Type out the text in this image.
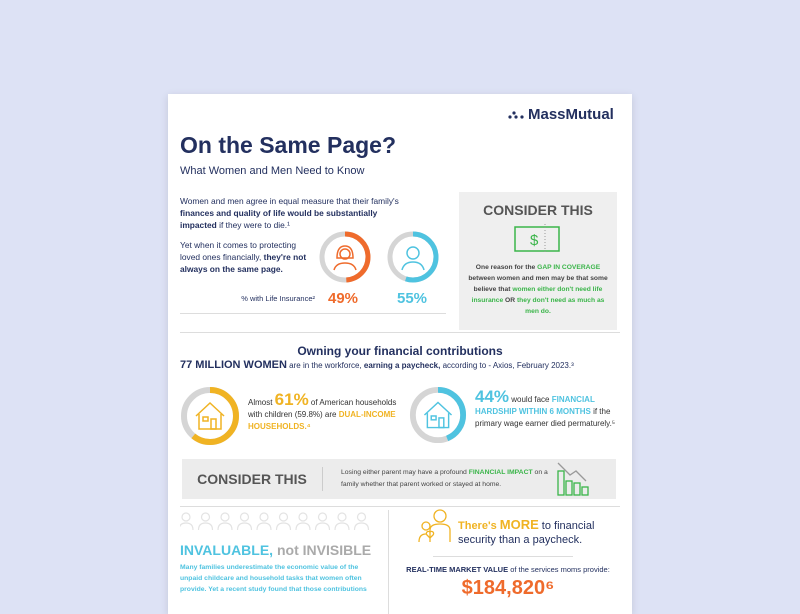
MassMutual
On the Same Page?
What Women and Men Need to Know
Women and men agree in equal measure that their family's finances and quality of life would be substantially impacted if they were to die.¹
Yet when it comes to protecting loved ones financially, they're not always on the same page.
% with Life Insurance² 49%	55%
CONSIDER THIS
$

One reason for the GAP IN COVERAGE between women and men may be that some believe that women either don't need life insurance OR they don't need as much as men do.

Owning your financial contributions
77 MILLION WOMEN are in the workforce, earning a paycheck, according to - Axios, February 2023.³
Almost 61% of American households with children (59.8%) are DUAL-INCOME HOUSEHOLDS.⁴
44% would face FINANCIAL HARDSHIP WITHIN 6 MONTHS if the primary wage earner died permaturely.⁵
CONSIDER THIS	Losing either parent may have a profound FINANCIAL IMPACT on a family whether that parent worked or stayed at home.

INVALUABLE, not INVISIBLE
Many families underestimate the economic value of the unpaid childcare and household tasks that women often provide. Yet a recent study found that those contributions
There's MORE to financial security than a paycheck.
REAL-TIME MARKET VALUE of the services moms provide:
$184,820⁶
